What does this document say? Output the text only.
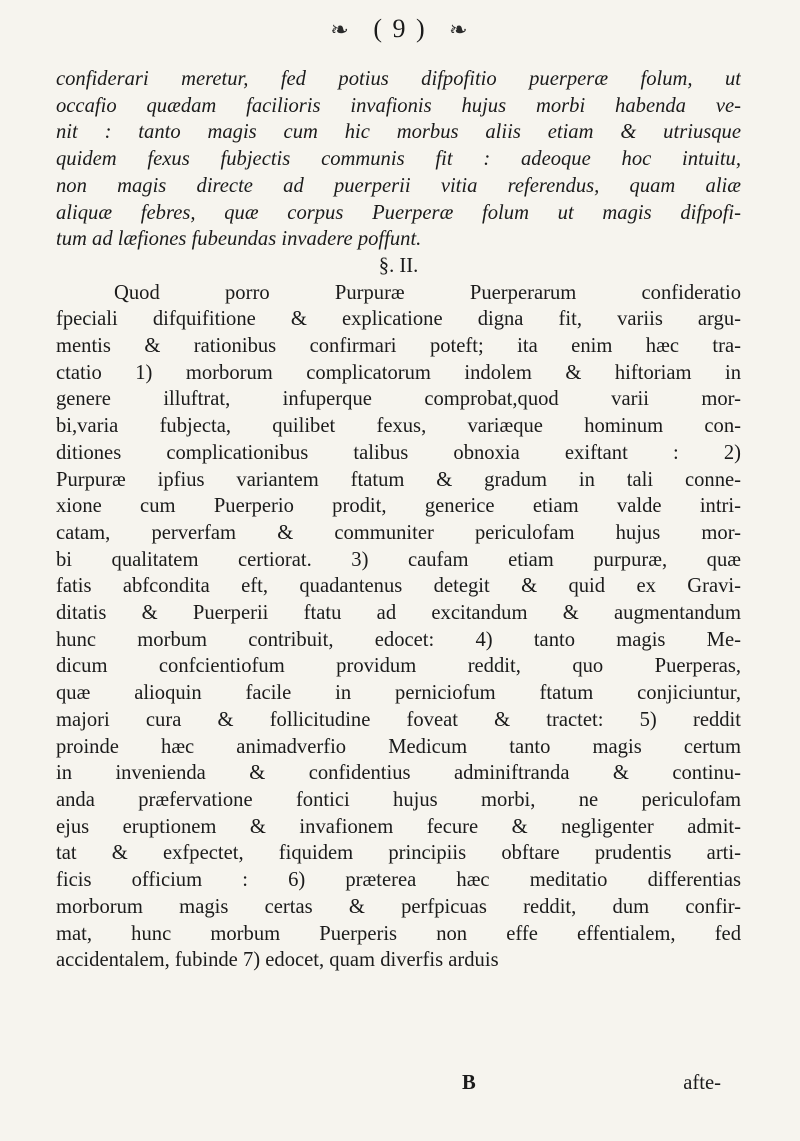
❧ ( 9 ) ❧
confiderari meretur, fed potius difpofitio puerperæ folum, ut
occafio quædam facilioris invafionis hujus morbi habenda ve-
nit : tanto magis cum hic morbus aliis etiam & utriusque
quidem fexus fubjectis communis fit : adeoque hoc intuitu,
non magis directe ad puerperii vitia referendus, quam aliæ
aliquæ febres, quæ corpus Puerperæ folum ut magis difpofi-
tum ad læfiones fubeundas invadere poffunt.
§. II.
Quod porro Purpuræ Puerperarum confideratio
fpeciali difquifitione & explicatione digna fit, variis argu-
mentis & rationibus confirmari poteft; ita enim hæc tra-
ctatio 1) morborum complicatorum indolem & hiftoriam in
genere illuftrat, infuperque comprobat,quod varii mor-
bi,varia fubjecta, quilibet fexus, variæque hominum con-
ditiones complicationibus talibus obnoxia exiftant : 2)
Purpuræ ipfius variantem ftatum & gradum in tali conne-
xione cum Puerperio prodit, generice etiam valde intri-
catam, perverfam & communiter periculofam hujus mor-
bi qualitatem certiorat. 3) caufam etiam purpuræ, quæ
fatis abfcondita eft, quadantenus detegit & quid ex Gravi-
ditatis & Puerperii ftatu ad excitandum & augmentandum
hunc morbum contribuit, edocet: 4) tanto magis Me-
dicum confcientiofum providum reddit, quo Puerperas,
quæ alioquin facile in perniciofum ftatum conjiciuntur,
majori cura & follicitudine foveat & tractet: 5) reddit
proinde hæc animadverfio Medicum tanto magis certum
in invenienda & confidentius adminiftranda & continu-
anda præfervatione fontici hujus morbi, ne periculofam
ejus eruptionem & invafionem fecure & negligenter admit-
tat & exfpectet, fiquidem principiis obftare prudentis arti-
ficis officium : 6) præterea hæc meditatio differentias
morborum magis certas & perfpicuas reddit, dum confir-
mat, hunc morbum Puerperis non effe effentialem, fed
accidentalem, fubinde 7) edocet, quam diverfis arduis
B	afte-
